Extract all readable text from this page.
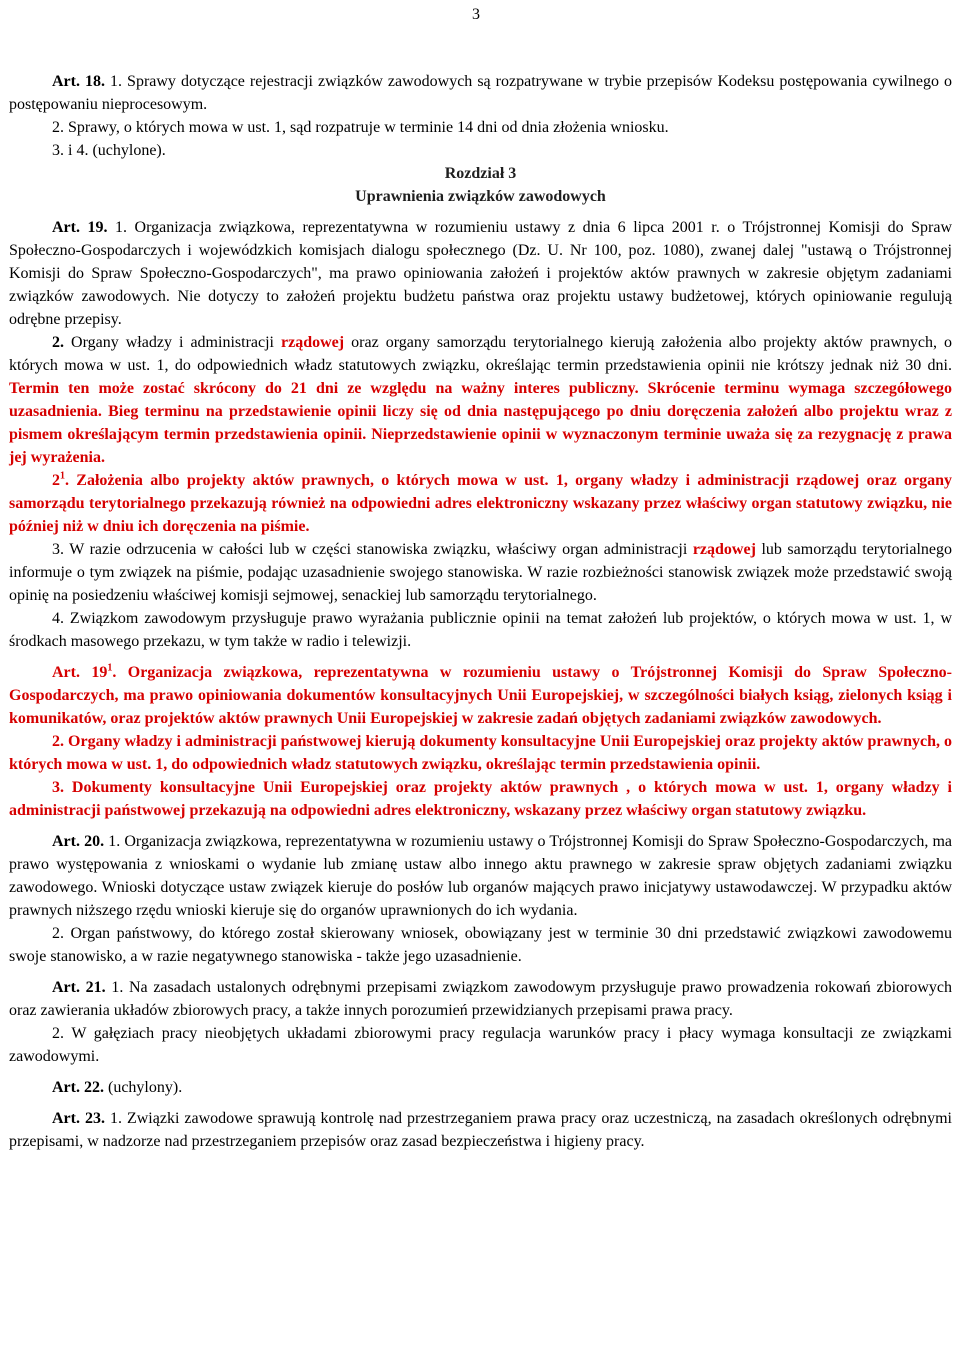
3

Art. 18. 1. Sprawy dotyczące rejestracji związków zawodowych są rozpatrywane w trybie przepisów Kodeksu postępowania cywilnego o postępowaniu nieprocesowym.

2. Sprawy, o których mowa w ust. 1, sąd rozpatruje w terminie 14 dni od dnia złożenia wniosku.

3. i 4. (uchylone).

Rozdział 3

Uprawnienia związków zawodowych

Art. 19. 1. Organizacja związkowa, reprezentatywna w rozumieniu ustawy z dnia 6 lipca 2001 r. o Trójstronnej Komisji do Spraw Społeczno-Gospodarczych i wojewódzkich komisjach dialogu społecznego (Dz. U. Nr 100, poz. 1080), zwanej dalej "ustawą o Trójstronnej Komisji do Spraw Społeczno-Gospodarczych", ma prawo opiniowania założeń i projektów aktów prawnych w zakresie objętym zadaniami związków zawodowych. Nie dotyczy to założeń projektu budżetu państwa oraz projektu ustawy budżetowej, których opiniowanie regulują odrębne przepisy.

2. Organy władzy i administracji rządowej oraz organy samorządu terytorialnego kierują założenia albo projekty aktów prawnych, o których mowa w ust. 1, do odpowiednich władz statutowych związku, określając termin przedstawienia opinii nie krótszy jednak niż 30 dni. Termin ten może zostać skrócony do 21 dni ze względu na ważny interes publiczny. Skrócenie terminu wymaga szczegółowego uzasadnienia. Bieg terminu na przedstawienie opinii liczy się od dnia następującego po dniu doręczenia założeń albo projektu wraz z pismem określającym termin przedstawienia opinii. Nieprzedstawienie opinii w wyznaczonym terminie uważa się za rezygnację z prawa jej wyrażenia.

$2^1$. Założenia albo projekty aktów prawnych, o których mowa w ust. 1, organy władzy i administracji rządowej oraz organy samorządu terytorialnego przekazują również na odpowiedni adres elektroniczny wskazany przez właściwy organ statutowy związku, nie później niż w dniu ich doręczenia na piśmie.

3. W razie odrzucenia w całości lub w części stanowiska związku, właściwy organ administracji rządowej lub samorządu terytorialnego informuje o tym związek na piśmie, podając uzasadnienie swojego stanowiska. W razie rozbieżności stanowisk związek może przedstawić swoją opinię na posiedzeniu właściwej komisji sejmowej, senackiej lub samorządu terytorialnego.

4. Związkom zawodowym przysługuje prawo wyrażania publicznie opinii na temat założeń lub projektów, o których mowa w ust. 1, w środkach masowego przekazu, w tym także w radio i telewizji.

Art. $19^1$. Organizacja związkowa, reprezentatywna w rozumieniu ustawy o Trójstronnej Komisji do Spraw Społeczno-Gospodarczych, ma prawo opiniowania dokumentów konsultacyjnych Unii Europejskiej, w szczególności białych ksiąg, zielonych ksiąg i komunikatów, oraz projektów aktów prawnych Unii Europejskiej w zakresie zadań objętych zadaniami związków zawodowych.

2. Organy władzy i administracji państwowej kierują dokumenty konsultacyjne Unii Europejskiej oraz projekty aktów prawnych, o których mowa w ust. 1, do odpowiednich władz statutowych związku, określając termin przedstawienia opinii.

3. Dokumenty konsultacyjne Unii Europejskiej oraz projekty aktów prawnych , o których mowa w ust. 1, organy władzy i administracji państwowej przekazują na odpowiedni adres elektroniczny, wskazany przez właściwy organ statutowy związku.

Art. 20. 1. Organizacja związkowa, reprezentatywna w rozumieniu ustawy o Trójstronnej Komisji do Spraw Społeczno-Gospodarczych, ma prawo występowania z wnioskami o wydanie lub zmianę ustaw albo innego aktu prawnego w zakresie spraw objętych zadaniami związku zawodowego. Wnioski dotyczące ustaw związek kieruje do posłów lub organów mających prawo inicjatywy ustawodawczej. W przypadku aktów prawnych niższego rzędu wnioski kieruje się do organów uprawnionych do ich wydania.

2. Organ państwowy, do którego został skierowany wniosek, obowiązany jest w terminie 30 dni przedstawić związkowi zawodowemu swoje stanowisko, a w razie negatywnego stanowiska - także jego uzasadnienie.

Art. 21. 1. Na zasadach ustalonych odrębnymi przepisami związkom zawodowym przysługuje prawo prowadzenia rokowań zbiorowych oraz zawierania układów zbiorowych pracy, a także innych porozumień przewidzianych przepisami prawa pracy.

2. W gałęziach pracy nieobjętych układami zbiorowymi pracy regulacja warunków pracy i płacy wymaga konsultacji ze związkami zawodowymi.

Art. 22. (uchylony).

Art. 23. 1. Związki zawodowe sprawują kontrolę nad przestrzeganiem prawa pracy oraz uczestniczą, na zasadach określonych odrębnymi przepisami, w nadzorze nad przestrzeganiem przepisów oraz zasad bezpieczeństwa i higieny pracy.
